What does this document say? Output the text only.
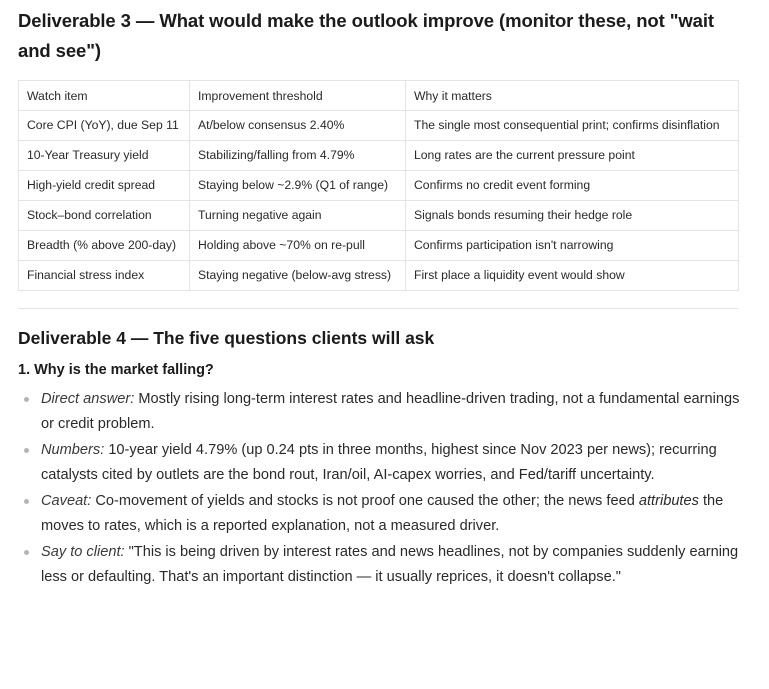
Deliverable 3 — What would make the outlook improve (monitor these, not "wait and see")
Watch item	Improvement threshold	Why it matters
Core CPI (YoY), due Sep 11	At/below consensus 2.40%	The single most consequential print; confirms disinflation
10-Year Treasury yield	Stabilizing/falling from 4.79%	Long rates are the current pressure point
High-yield credit spread	Staying below ~2.9% (Q1 of range)	Confirms no credit event forming
Stock–bond correlation	Turning negative again	Signals bonds resuming their hedge role
Breadth (% above 200-day)	Holding above ~70% on re-pull	Confirms participation isn't narrowing
Financial stress index	Staying negative (below-avg stress)	First place a liquidity event would show
Deliverable 4 — The five questions clients will ask
1. Why is the market falling?
Direct answer: Mostly rising long-term interest rates and headline-driven trading, not a fundamental earnings or credit problem.
Numbers: 10-year yield 4.79% (up 0.24 pts in three months, highest since Nov 2023 per news); recurring catalysts cited by outlets are the bond rout, Iran/oil, AI-capex worries, and Fed/tariff uncertainty.
Caveat: Co-movement of yields and stocks is not proof one caused the other; the news feed attributes the moves to rates, which is a reported explanation, not a measured driver.
Say to client: "This is being driven by interest rates and news headlines, not by companies suddenly earning less or defaulting. That's an important distinction — it usually reprices, it doesn't collapse."
